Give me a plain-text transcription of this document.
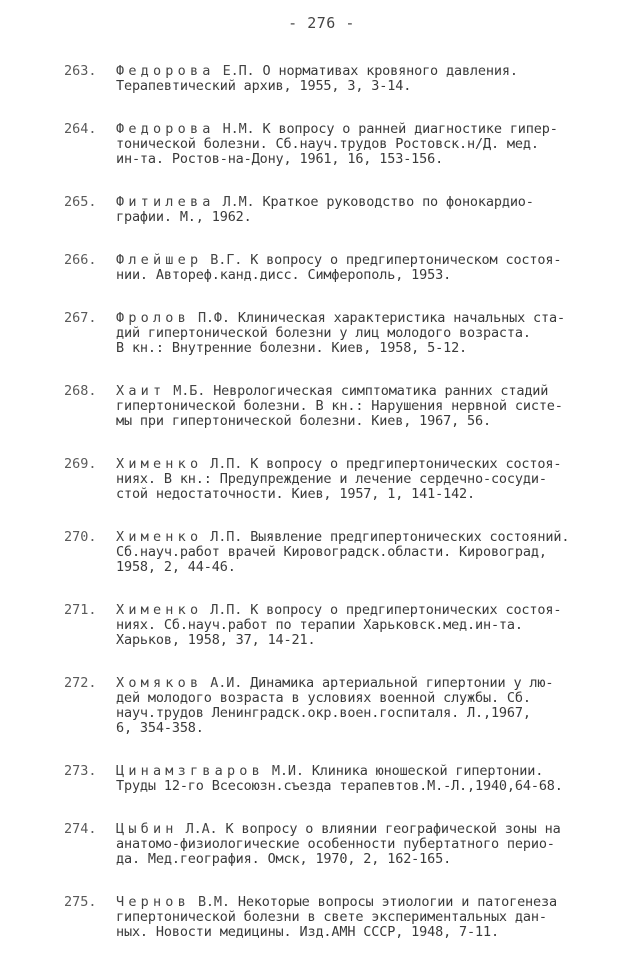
- 276 -
263.	Федорова Е.П. О нормативах кровяного давления.
Терапевтический архив, 1955, 3, 3-14.
264.	Федорова Н.М. К вопросу о ранней диагностике гипер-
тонической болезни. Сб.науч.трудов Ростовск.н/Д. мед.
ин-та. Ростов-на-Дону, 1961, 16, 153-156.
265.	Фитилева Л.М. Краткое руководство по фонокардио-
графии. М., 1962.
266.	Флейшер В.Г. К вопросу о предгипертоническом состоя-
нии. Автореф.канд.дисс. Симферополь, 1953.
267.	Фролов П.Ф. Клиническая характеристика начальных ста-
дий гипертонической болезни у лиц молодого возраста.
В кн.: Внутренние болезни. Киев, 1958, 5-12.
268.	Хаит М.Б. Неврологическая симптоматика ранних стадий
гипертонической болезни. В кн.: Нарушения нервной систе-
мы при гипертонической болезни. Киев, 1967, 56.
269.	Хименко Л.П. К вопросу о предгипертонических состоя-
ниях. В кн.: Предупреждение и лечение сердечно-сосуди-
стой недостаточности. Киев, 1957, 1, 141-142.
270.	Хименко Л.П. Выявление предгипертонических состояний.
Сб.науч.работ врачей Кировоградск.области. Кировоград,
1958, 2, 44-46.
271.	Хименко Л.П. К вопросу о предгипертонических состоя-
ниях. Сб.науч.работ по терапии Харьковск.мед.ин-та.
Харьков, 1958, 37, 14-21.
272.	Хомяков А.И. Динамика артериальной гипертонии у лю-
дей молодого возраста в условиях военной службы. Сб.
науч.трудов Ленинградск.окр.воен.госпиталя. Л.,1967,
6, 354-358.
273.	Цинамзгваров М.И. Клиника юношеской гипертонии.
Труды 12-го Всесоюзн.съезда терапевтов.М.-Л.,1940,64-68.
274.	Цыбин Л.А. К вопросу о влиянии географической зоны на
анатомо-физиологические особенности пубертатного перио-
да. Мед.география. Омск, 1970, 2, 162-165.
275.	Чернов В.М. Некоторые вопросы этиологии и патогенеза
гипертонической болезни в свете экспериментальных дан-
ных. Новости медицины. Изд.АМН СССР, 1948, 7-11.
